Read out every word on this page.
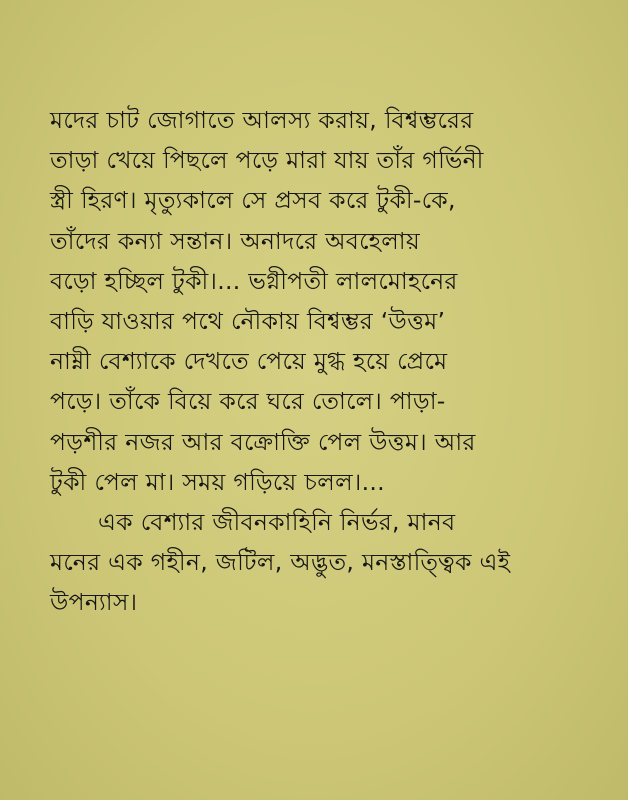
মদের চাট জোগাতে আলস্য করায়, বিশ্বম্ভরের
তাড়া খেয়ে পিছলে পড়ে মারা যায় তাঁর গর্ভিনী
স্ত্রী হিরণ। মৃত্যুকালে সে প্রসব করে টুকী-কে,
তাঁদের কন্যা সন্তান। অনাদরে অবহেলায়
বড়ো হচ্ছিল টুকী।... ভগ্নীপতী লালমোহনের
বাড়ি যাওয়ার পথে নৌকায় বিশ্বম্ভর ‘উত্তম’
নাম্নী বেশ্যাকে দেখতে পেয়ে মুগ্ধ হয়ে প্রেমে
পড়ে। তাঁকে বিয়ে করে ঘরে তোলে। পাড়া-
পড়শীর নজর আর বক্রোক্তি পেল উত্তম। আর
টুকী পেল মা। সময় গড়িয়ে চলল।...

এক বেশ্যার জীবনকাহিনি নির্ভর, মানব
মনের এক গহীন, জটিল, অদ্ভুত, মনস্তাত্ত্বিক এই
উপন্যাস।
